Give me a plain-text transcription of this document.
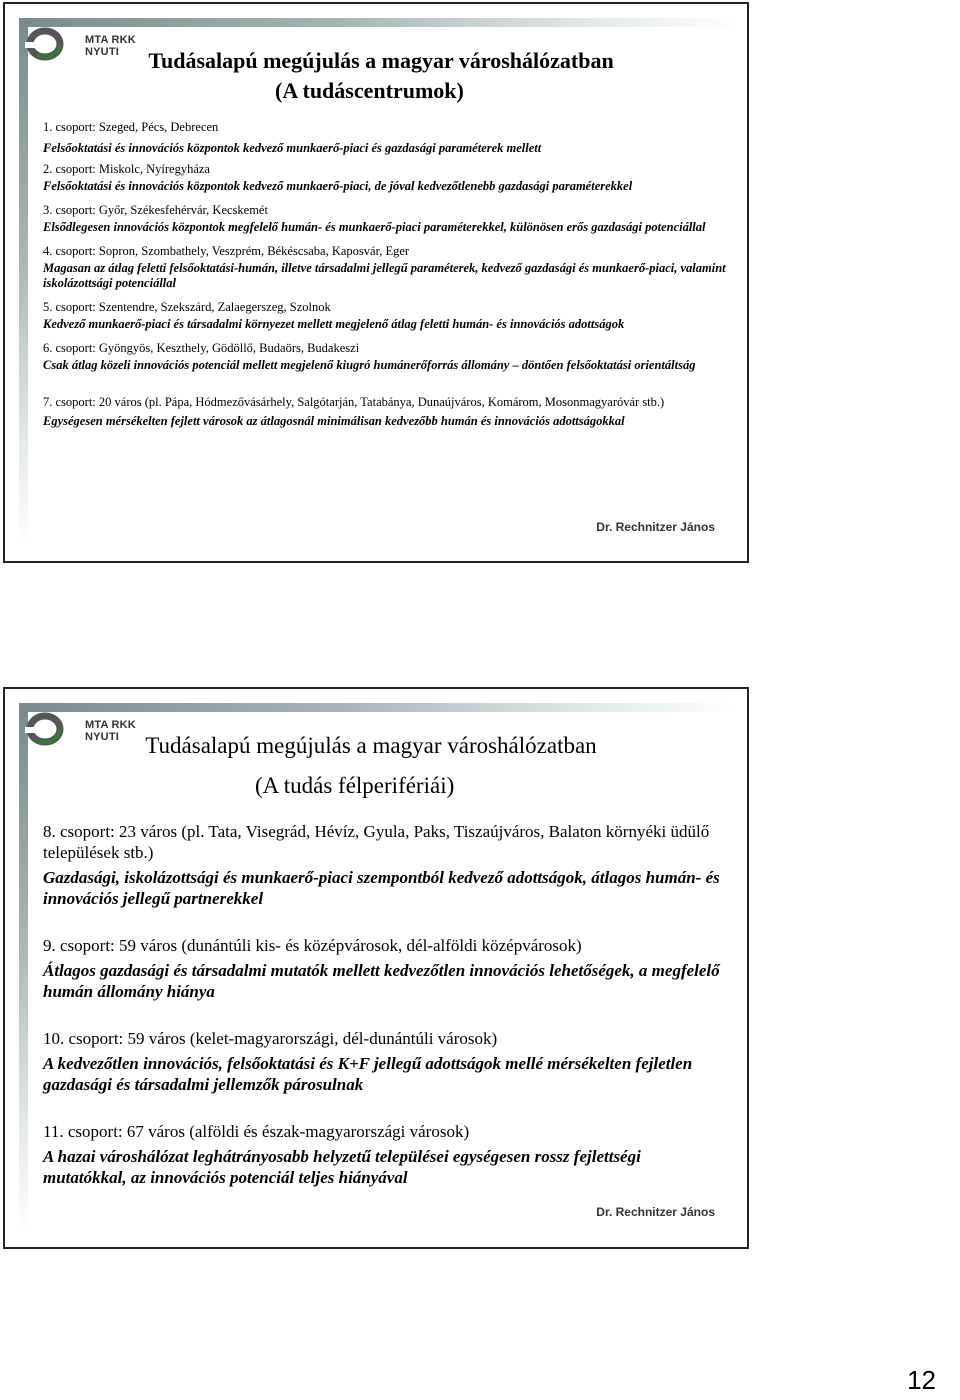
MTA RKK NYUTI	Tudásalapú megújulás a magyar városhálózatban
(A tudáscentrumok)
1. csoport: Szeged, Pécs, Debrecen
Felsőoktatási és innovációs központok kedvező munkaerő-piaci és gazdasági paraméterek mellett
2. csoport: Miskolc, Nyíregyháza
Felsőoktatási és innovációs központok kedvező munkaerő-piaci, de jóval kedvezőtlenebb gazdasági paraméterekkel
3. csoport: Győr, Székesfehérvár, Kecskemét
Elsődlegesen innovációs központok megfelelő humán- és munkaerő-piaci paraméterekkel, különösen erős gazdasági potenciállal
4. csoport: Sopron, Szombathely, Veszprém, Békéscsaba, Kaposvár, Eger
Magasan az átlag feletti felsőoktatási-humán, illetve társadalmi jellegű paraméterek, kedvező gazdasági és munkaerő-piaci, valamint iskolázottsági potenciállal
5. csoport: Szentendre, Szekszárd, Zalaegerszeg, Szolnok
Kedvező munkaerő-piaci és társadalmi környezet mellett megjelenő átlag feletti humán- és innovációs adottságok
6. csoport: Gyöngyös, Keszthely, Gödöllő, Budaörs, Budakeszi
Csak átlag közeli innovációs potenciál mellett megjelenő kiugró humánerőforrás állomány – döntően felsőoktatási orientáltság
7. csoport: 20 város (pl. Pápa, Hódmezővásárhely, Salgótarján, Tatabánya, Dunaújváros, Komárom, Mosonmagyaróvár stb.)
Egységesen mérsékelten fejlett városok az átlagosnál minimálisan kedvezőbb humán és innovációs adottságokkal
Dr. Rechnitzer János
MTA RKK NYUTI	Tudásalapú megújulás a magyar városhálózatban
(A tudás félperifériái)
8. csoport: 23 város (pl. Tata, Visegrád, Hévíz, Gyula, Paks, Tiszaújváros, Balaton környéki üdülő települések stb.)
Gazdasági, iskolázottsági és munkaerő-piaci szempontból kedvező adottságok, átlagos humán- és innovációs jellegű partnerekkel
9. csoport: 59 város (dunántúli kis- és középvárosok, dél-alföldi középvárosok)
Átlagos gazdasági és társadalmi mutatók mellett kedvezőtlen innovációs lehetőségek, a megfelelő humán állomány hiánya
10. csoport: 59 város (kelet-magyarországi, dél-dunántúli városok)
A kedvezőtlen innovációs, felsőoktatási és K+F jellegű adottságok mellé mérsékelten fejletlen gazdasági és társadalmi jellemzők párosulnak
11. csoport: 67 város (alföldi és észak-magyarországi városok)
A hazai városhálózat leghátrányosabb helyzetű települései egységesen rossz fejlettségi mutatókkal, az innovációs potenciál teljes hiányával
Dr. Rechnitzer János
12
